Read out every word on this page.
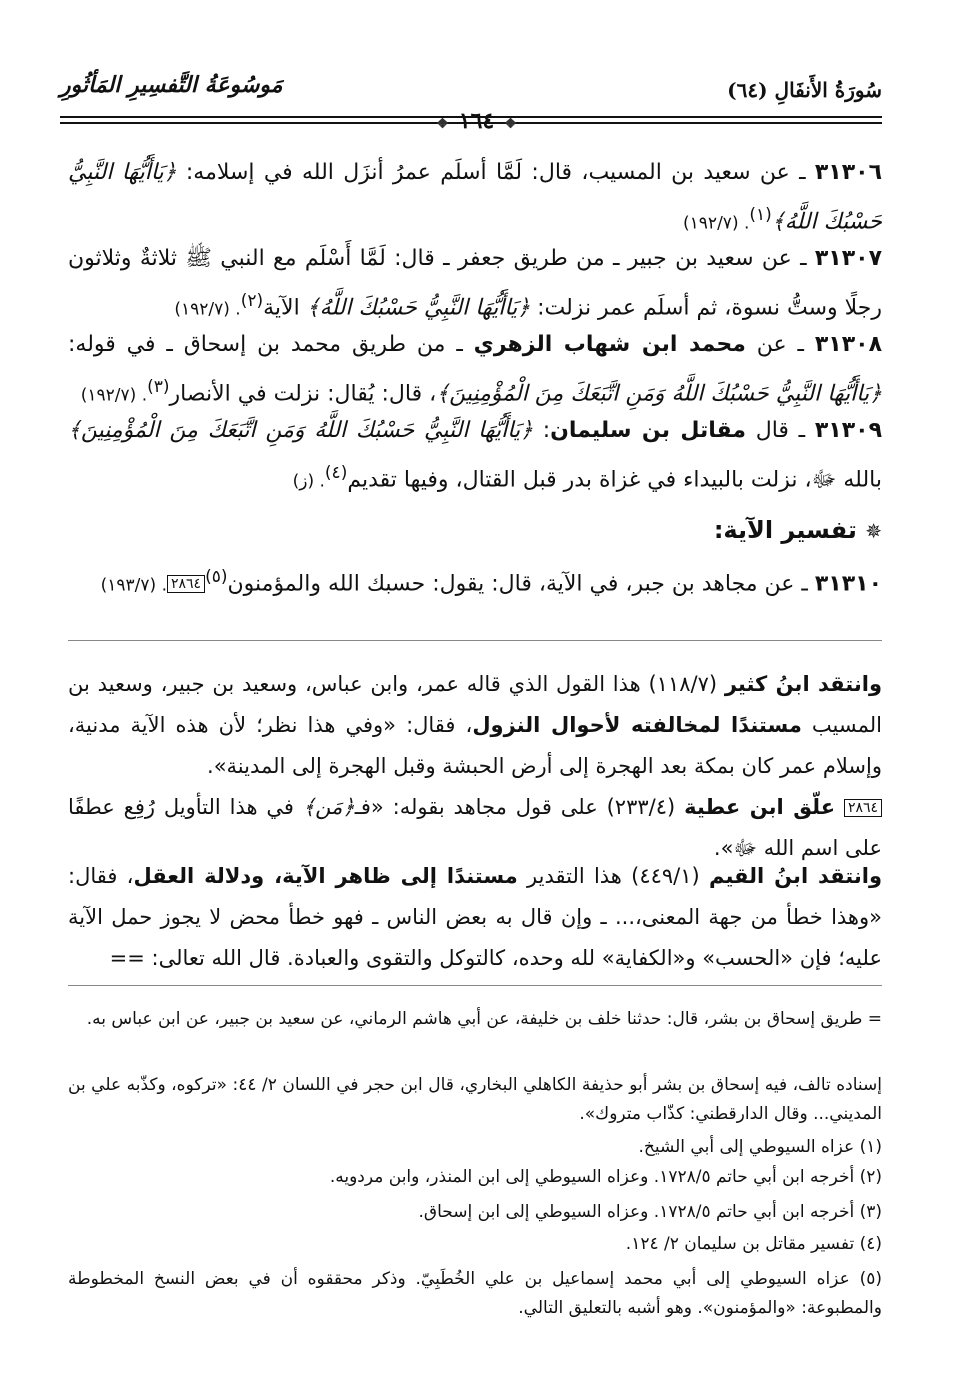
سُورَةُ الأَنفَالِ (٦٤)
مَوسُوعَةُ التَّفسِيرِ المَأثُورِ
❖١٦٤❖
٣١٣٠٦ ـ عن سعيد بن المسيب، قال: لَمَّا أسلَم عمرُ أنزَل الله في إسلامه: ﴿يَاأَيُّهَا النَّبِيُّ حَسْبُكَ اللَّهُ﴾$^{(١)}$. (١٩٢/٧)
٣١٣٠٧ ـ عن سعيد بن جبير ـ من طريق جعفر ـ قال: لَمَّا أَسْلَم مع النبي ﷺ ثلاثةٌ وثلاثون رجلًا وستُّ نسوة، ثم أسلَم عمر نزلت: ﴿يَاأَيُّهَا النَّبِيُّ حَسْبُكَ اللَّهُ﴾ الآية$^{(٢)}$. (١٩٢/٧)
٣١٣٠٨ ـ عن محمد ابن شهاب الزهري ـ من طريق محمد بن إسحاق ـ في قوله: ﴿يَاأَيُّهَا النَّبِيُّ حَسْبُكَ اللَّهُ وَمَنِ اتَّبَعَكَ مِنَ الْمُؤْمِنِينَ﴾، قال: يُقال: نزلت في الأنصار$^{(٣)}$. (١٩٢/٧)
٣١٣٠٩ ـ قال مقاتل بن سليمان: ﴿يَاأَيُّهَا النَّبِيُّ حَسْبُكَ اللَّهُ وَمَنِ اتَّبَعَكَ مِنَ الْمُؤْمِنِينَ﴾ بالله ﷻ، نزلت بالبيداء في غزاة بدر قبل القتال، وفيها تقديم$^{(٤)}$. (ز)
✵ تفسير الآية:
٣١٣١٠ ـ عن مجاهد بن جبر، في الآية، قال: يقول: حسبك الله والمؤمنون$^{(٥)}$٢٨٦٤. (١٩٣/٧)
وانتقد ابنُ كثير (١١٨/٧) هذا القول الذي قاله عمر، وابن عباس، وسعيد بن جبير، وسعيد بن المسيب مستندًا لمخالفته لأحوال النزول، فقال: «وفي هذا نظر؛ لأن هذه الآية مدنية، وإسلام عمر كان بمكة بعد الهجرة إلى أرض الحبشة وقبل الهجرة إلى المدينة».
٢٨٦٤ علّق ابن عطية (٢٣٣/٤) على قول مجاهد بقوله: «فـ﴿مَن﴾ في هذا التأويل رُفِع عطفًا على اسم الله ﷻ».
وانتقد ابنُ القيم (٤٤٩/١) هذا التقدير مستندًا إلى ظاهر الآية، ودلالة العقل، فقال: «وهذا خطأ من جهة المعنى،... ـ وإن قال به بعض الناس ـ فهو خطأ محض لا يجوز حمل الآية عليه؛ فإن «الحسب» و«الكفاية» لله وحده، كالتوكل والتقوى والعبادة. قال الله تعالى: ==
= طريق إسحاق بن بشر، قال: حدثنا خلف بن خليفة، عن أبي هاشم الرماني، عن سعيد بن جبير، عن ابن عباس به.
إسناده تالف، فيه إسحاق بن بشر أبو حذيفة الكاهلي البخاري، قال ابن حجر في اللسان ٢/ ٤٤: «تركوه، وكذّبه علي بن المديني... وقال الدارقطني: كذّاب متروك».
(١) عزاه السيوطي إلى أبي الشيخ.
(٢) أخرجه ابن أبي حاتم ١٧٢٨/٥. وعزاه السيوطي إلى ابن المنذر، وابن مردويه.
(٣) أخرجه ابن أبي حاتم ١٧٢٨/٥. وعزاه السيوطي إلى ابن إسحاق.
(٤) تفسير مقاتل بن سليمان ٢/ ١٢٤.
(٥) عزاه السيوطي إلى أبي محمد إسماعيل بن علي الخُطَبِيّ. وذكر محققوه أن في بعض النسخ المخطوطة والمطبوعة: «والمؤمنون». وهو أشبه بالتعليق التالي.
